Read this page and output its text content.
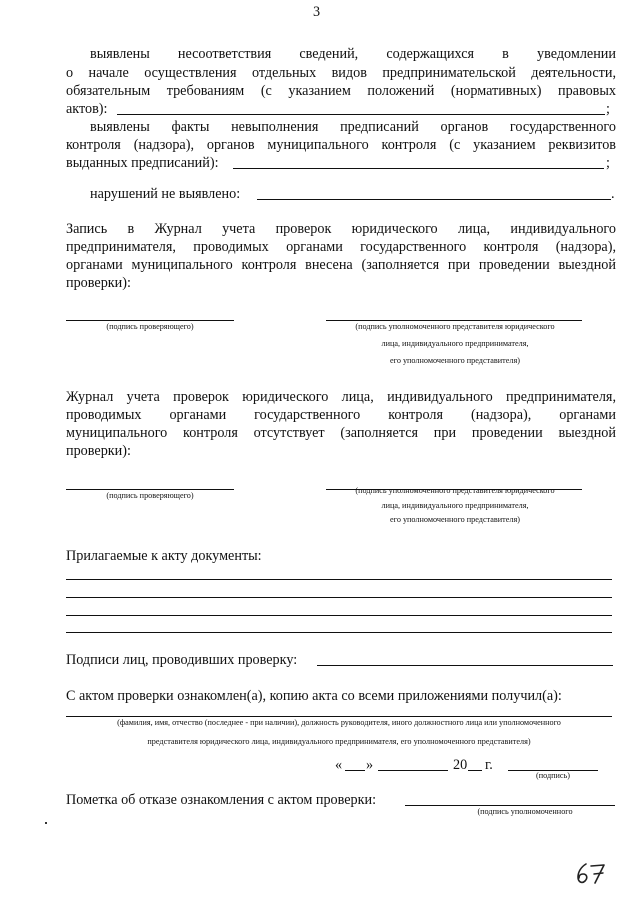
3
выявлены несоответствия сведений, содержащихся в уведомлении
о начале осуществления отдельных видов предпринимательской деятельности,
обязательным требованиям (с указанием положений (нормативных) правовых
актов):	;
выявлены факты невыполнения предписаний органов государственного
контроля (надзора), органов муниципального контроля (с указанием реквизитов
выданных предписаний):	;
нарушений не выявлено:	.
Запись в Журнал учета проверок юридического лица, индивидуального
предпринимателя, проводимых органами государственного контроля (надзора),
органами муниципального контроля внесена (заполняется при проведении выездной
проверки):
(подпись проверяющего)	(подпись уполномоченного представителя юридического
лица, индивидуального предпринимателя,
его уполномоченного представителя)
Журнал учета проверок юридического лица, индивидуального предпринимателя,
проводимых органами государственного контроля (надзора), органами
муниципального контроля отсутствует (заполняется при проведении выездной
проверки):
(подпись проверяющего)
(подпись уполномоченного представителя юридического
лица, индивидуального предпринимателя,
его уполномоченного представителя)
Прилагаемые к акту документы:
Подписи лиц, проводивших проверку:
С актом проверки ознакомлен(а), копию акта со всеми приложениями получил(а):
(фамилия, имя, отчество (последнее - при наличии), должность руководителя, иного должностного лица или уполномоченного
представителя юридического лица, индивидуального предпринимателя, его уполномоченного представителя)
« »	20 г.
(подпись)
Пометка об отказе ознакомления с актом проверки:
(подпись уполномоченного
